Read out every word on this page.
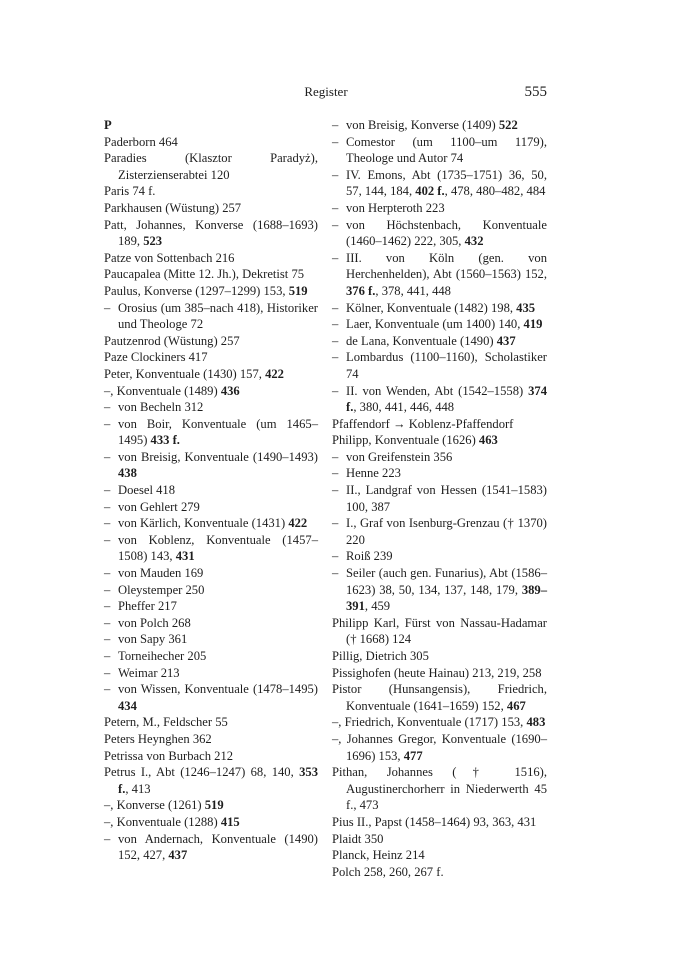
Register	555
P
Paderborn 464
Paradies (Klasztor Paradyż), Zisterzienserabtei 120
Paris 74 f.
Parkhausen (Wüstung) 257
Patt, Johannes, Konverse (1688–1693) 189, 523
Patze von Sottenbach 216
Paucapalea (Mitte 12. Jh.), Dekretist 75
Paulus, Konverse (1297–1299) 153, 519
– Orosius (um 385–nach 418), Historiker und Theologe 72
Pautzenrod (Wüstung) 257
Paze Clockiners 417
Peter, Konventuale (1430) 157, 422
–, Konventuale (1489) 436
– von Becheln 312
– von Boir, Konventuale (um 1465–1495) 433 f.
– von Breisig, Konventuale (1490–1493) 438
– Doesel 418
– von Gehlert 279
– von Kärlich, Konventuale (1431) 422
– von Koblenz, Konventuale (1457–1508) 143, 431
– von Mauden 169
– Oleystemper 250
– Pheffer 217
– von Polch 268
– von Sapy 361
– Torneihecher 205
– Weimar 213
– von Wissen, Konventuale (1478–1495) 434
Petern, M., Feldscher 55
Peters Heynghen 362
Petrissa von Burbach 212
Petrus I., Abt (1246–1247) 68, 140, 353 f., 413
–, Konverse (1261) 519
–, Konventuale (1288) 415
– von Andernach, Konventuale (1490) 152, 427, 437
– von Breisig, Konverse (1409) 522
– Comestor (um 1100–um 1179), Theologe und Autor 74
– IV. Emons, Abt (1735–1751) 36, 50, 57, 144, 184, 402 f., 478, 480–482, 484
– von Herpteroth 223
– von Höchstenbach, Konventuale (1460–1462) 222, 305, 432
– III. von Köln (gen. von Herchenhelden), Abt (1560–1563) 152, 376 f., 378, 441, 448
– Kölner, Konventuale (1482) 198, 435
– Laer, Konventuale (um 1400) 140, 419
– de Lana, Konventuale (1490) 437
– Lombardus (1100–1160), Scholastiker 74
– II. von Wenden, Abt (1542–1558) 374 f., 380, 441, 446, 448
Pfaffendorf → Koblenz-Pfaffendorf
Philipp, Konventuale (1626) 463
– von Greifenstein 356
– Henne 223
– II., Landgraf von Hessen (1541–1583) 100, 387
– I., Graf von Isenburg-Grenzau († 1370) 220
– Roiß 239
– Seiler (auch gen. Funarius), Abt (1586–1623) 38, 50, 134, 137, 148, 179, 389–391, 459
Philipp Karl, Fürst von Nassau-Hadamar († 1668) 124
Pillig, Dietrich 305
Pissighofen (heute Hainau) 213, 219, 258
Pistor (Hunsangensis), Friedrich, Konventuale (1641–1659) 152, 467
–, Friedrich, Konventuale (1717) 153, 483
–, Johannes Gregor, Konventuale (1690–1696) 153, 477
Pithan, Johannes († 1516), Augustinerchorherr in Niederwerth 45 f., 473
Pius II., Papst (1458–1464) 93, 363, 431
Plaidt 350
Planck, Heinz 214
Polch 258, 260, 267 f.
